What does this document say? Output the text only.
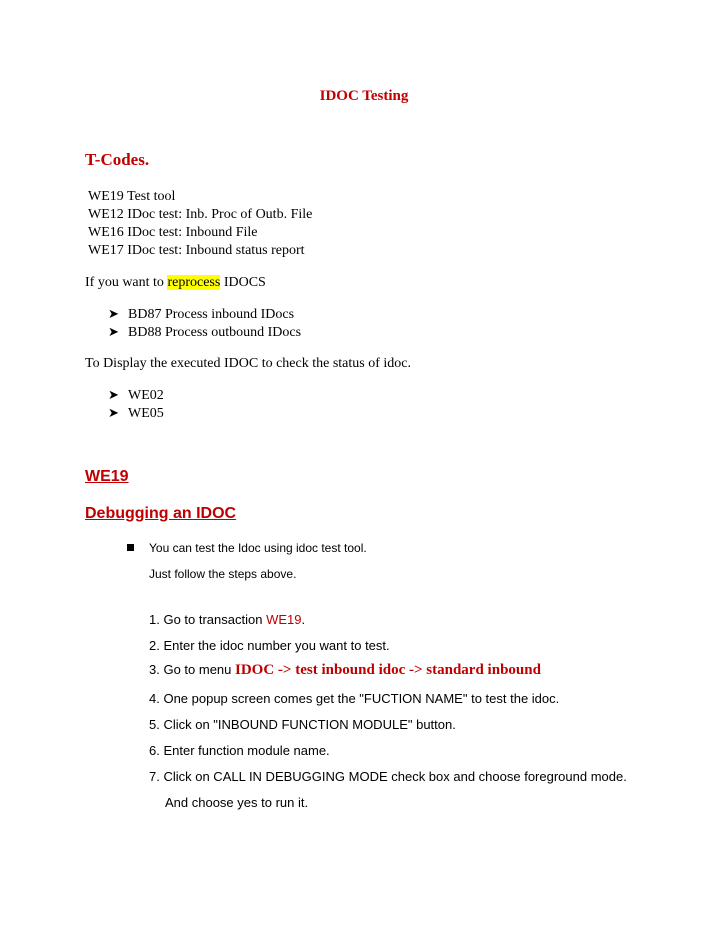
IDOC Testing
T-Codes.
WE19 Test tool
WE12 IDoc test: Inb. Proc of Outb. File
WE16 IDoc test: Inbound File
WE17 IDoc test: Inbound status report
If you want to reprocess IDOCS
➤ BD87 Process inbound IDocs
➤ BD88 Process outbound IDocs
To Display the executed IDOC to check the status of idoc.
➤ WE02
➤ WE05
WE19
Debugging an IDOC
You can test the Idoc using idoc test tool.
Just follow the steps above.
1. Go to transaction WE19.
2. Enter the idoc number you want to test.
3. Go to menu IDOC -> test inbound idoc -> standard inbound
4. One popup screen comes get the "FUCTION NAME" to test the idoc.
5. Click on "INBOUND FUNCTION MODULE" button.
6. Enter function module name.
7. Click on CALL IN DEBUGGING MODE check box and choose foreground mode.
And choose yes to run it.
